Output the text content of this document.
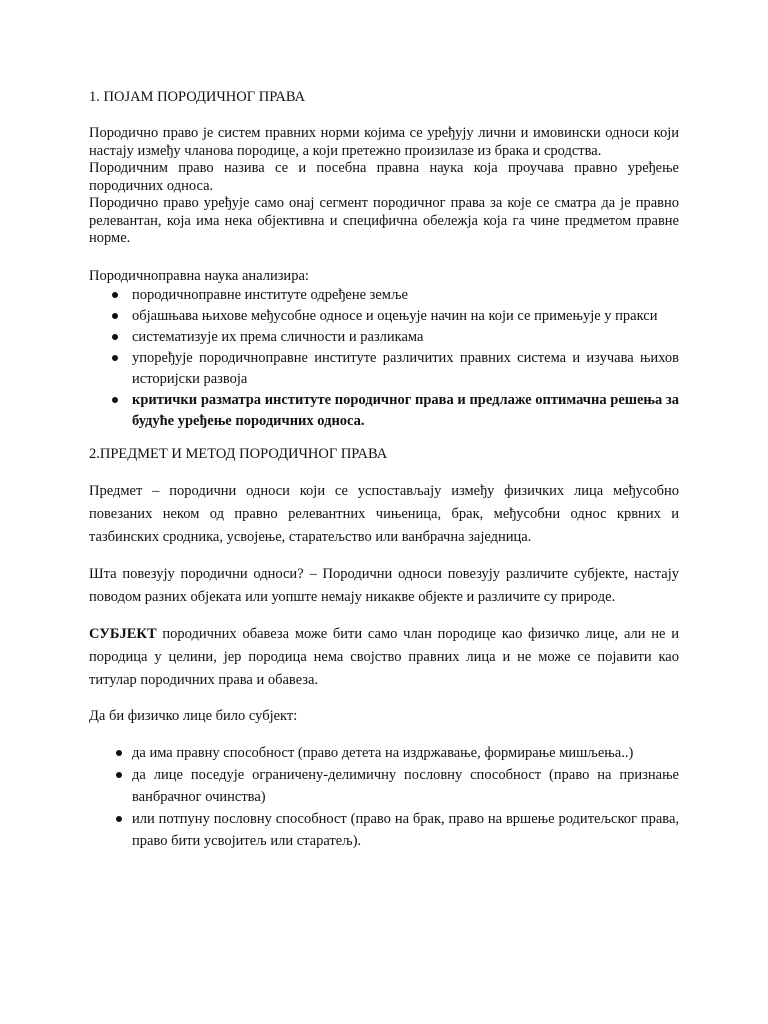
1. ПОЈАМ ПОРОДИЧНОГ ПРАВА

Породично право је систем правних норми којима се уређују лични и имовински односи који настају између чланова породице, а који претежно произилазе из брака и сродства.

Породичним право назива се и посебна правна наука која проучава правно уређење породичних односа.

Породично право уређује само онај сегмент породичног права за које се сматра да је правно релевантан, која има нека објективна и специфична обележја која га чине предметом правне норме.

Породичноправна наука анализира:

породичноправне институте одређене земље
објашњава њихове међусобне односе и оцењује начин на који се примењује у пракси
систематизује их према сличности и разликама
упоређује породичноправне институте различитих правних система и изучава њихов историјски развоја
критички разматра институте породичног права и предлаже оптимачна решења за будуће уређење породичних односа.
2.ПРЕДМЕТ И МЕТОД ПОРОДИЧНОГ ПРАВА

Предмет – породични односи који се успостављају између физичких лица међусобно повезаних неком од правно релевантних чињеница, брак, међусобни однос крвних и тазбинских сродника, усвојење, старатељство или ванбрачна заједница.

Шта повезују породични односи? – Породични односи повезују различите субјекте, настају поводом разних објеката или уопште немају никакве објекте и различите су природе.

СУБЈЕКТ породичних обавеза може бити само члан породице као физичко лице, али не и породица у целини, јер породица нема својство правних лица и не може се појавити као титулар породичних права и обавеза.

Да би физичко лице било субјект:

да има правну способност (право детета на издржавање, формирање мишљења..)
да лице поседује ограничену-делимичну пословну способност (право на признање ванбрачног очинства)
или потпуну пословну способност (право на брак, право на вршење родитељског права, право бити усвојитељ или старатељ).
